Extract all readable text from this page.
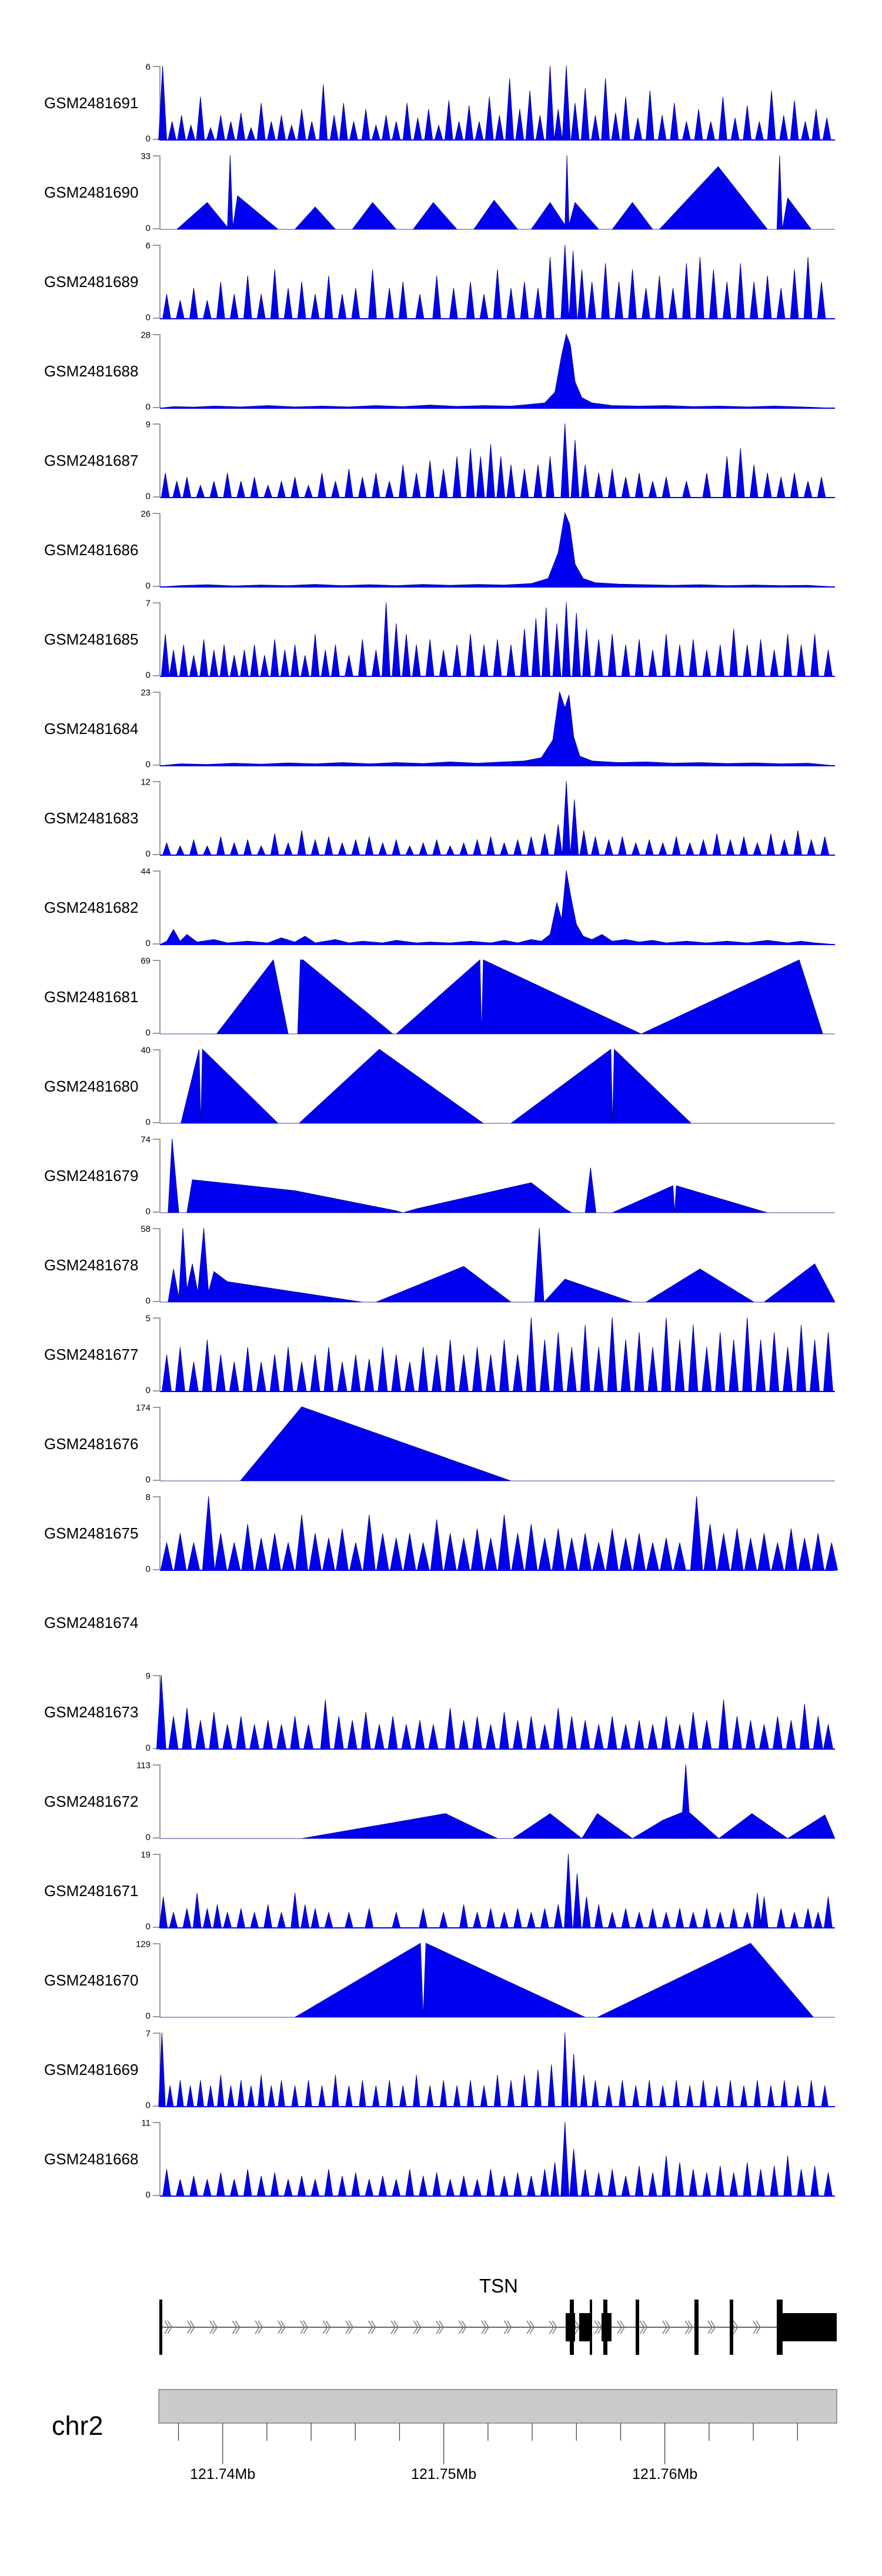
GSM2481691
6
0
GSM2481690
33
0
GSM2481689
6
0
GSM2481688
28
0
GSM2481687
9
0
GSM2481686
26
0
GSM2481685
7
0
GSM2481684
23
0
GSM2481683
12
0
GSM2481682
44
0
GSM2481681
69
0
GSM2481680
40
0
GSM2481679
74
0
GSM2481678
58
0
GSM2481677
5
0
GSM2481676
174
0
GSM2481675
8
0
GSM2481674
GSM2481673
9
0
GSM2481672
113
0
GSM2481671
19
0
GSM2481670
129
0
GSM2481669
7
0
GSM2481668
11
0
TSN
chr2
121.74Mb	121.75Mb	121.76Mb
